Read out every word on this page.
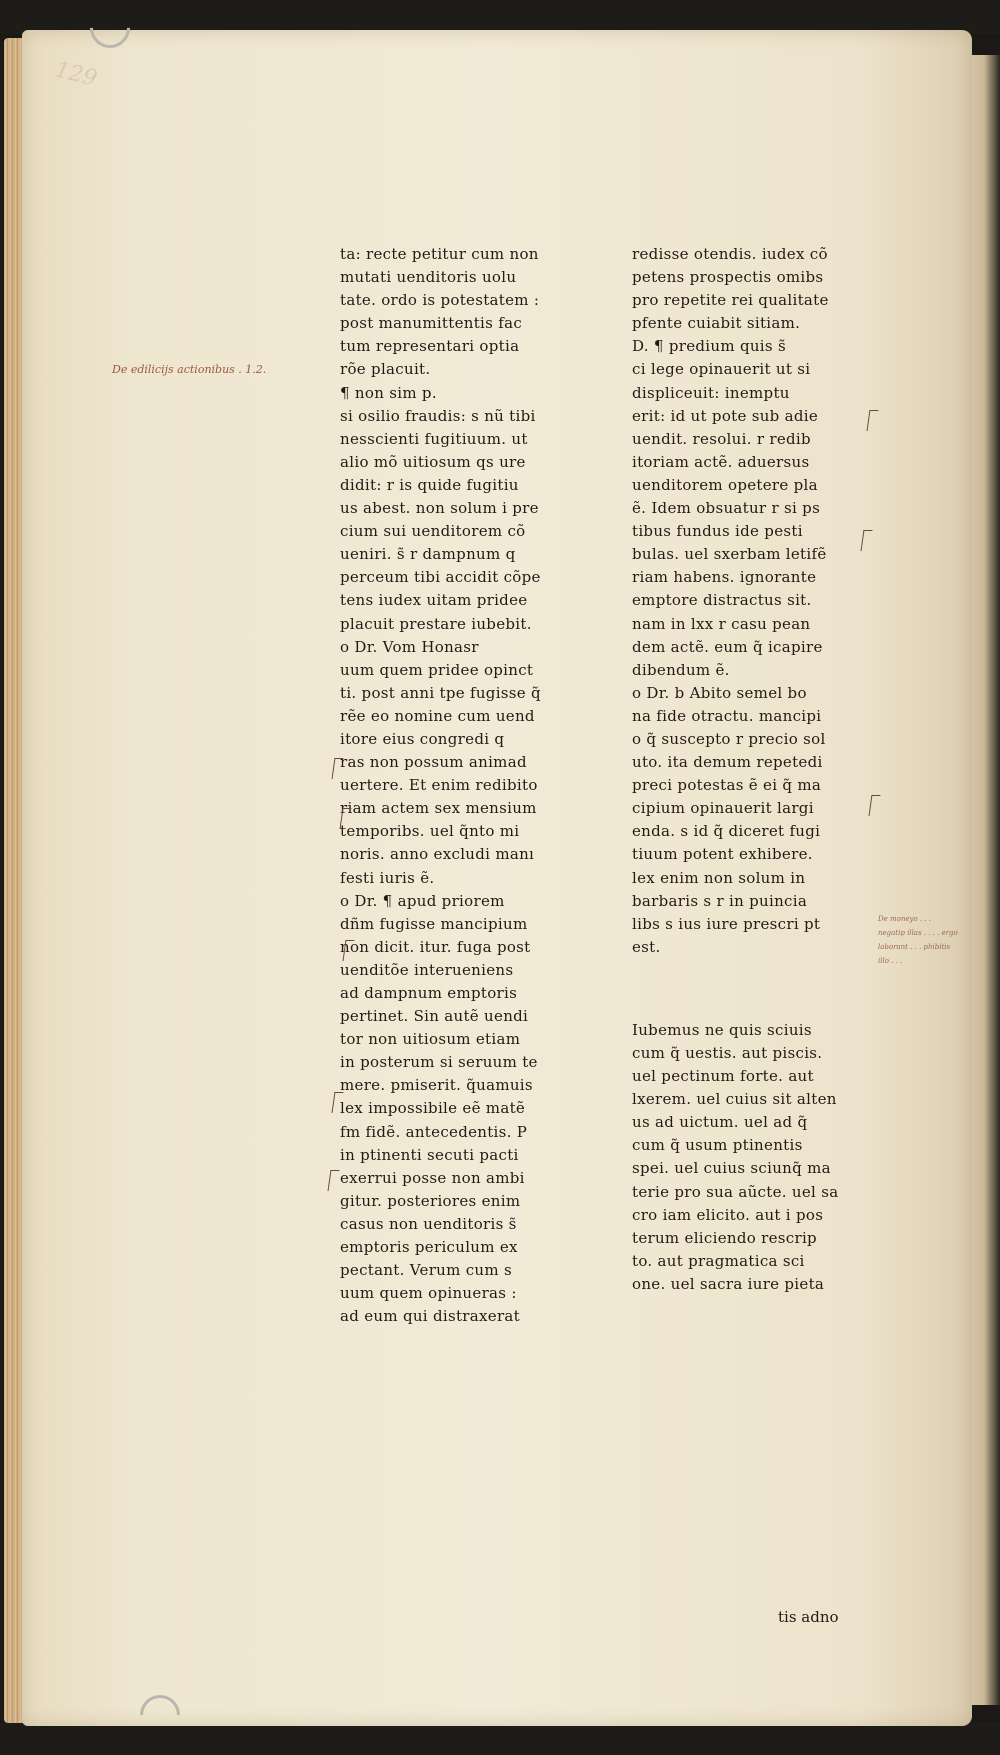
129
De edilicijs actionibus . 1.2.
De moneyo . . . negatip illas . . . . ergo laborant . . . phibitis illo . . .
ta: recte petitur cum non
mutati uenditoris uolu
tate. ordo is potestatem :
post manumittentis fac
tum representari optia
rõe placuit.
¶ non sim p.
si osilio fraudis: s nũ tibi
nesscienti fugitiuum. ut
alio mõ uitiosum qs ure
didit: r is quide fugitiu
us abest. non solum i pre
cium sui uenditorem cõ
ueniri. s̃ r dampnum q
perceum tibi accidit cõpe
tens iudex uitam pridee
placuit prestare iubebit.
o Dr. Vom Honasr
uum quem pridee opinct
ti. post anni tpe fugisse q̃
rẽe eo nomine cum uend
itore eius congredi q
ras non possum animad
uertere. Et enim redibito
riam actem sex mensium
temporibs. uel q̃nto mi
noris. anno excludi manı
festi iuris ẽ.
o Dr. ¶ apud priorem
dñm fugisse mancipium
non dicit. itur. fuga post
uenditõe interueniens
ad dampnum emptoris
pertinet. Sin autẽ uendi
tor non uitiosum etiam
in posterum si seruum te
mere. pmiserit. q̃uamuis
lex impossibile eẽ matẽ
fm fidẽ. antecedentis. P
in ptinenti secuti pacti
exerrui posse non ambi
gitur. posteriores enim
casus non uenditoris s̃
emptoris periculum ex
pectant. Verum cum s
uum quem opinueras :
ad eum qui distraxerat
redisse otendis. iudex cõ
petens prospectis omibs
pro repetite rei qualitate
pfente cuiabit sitiam.
D. ¶ predium quis s̃
ci lege opinauerit ut si
displiceuit: inemptu
erit: id ut pote sub adie
uendit. resolui. r redib
itoriam actẽ. aduersus
uenditorem opetere pla
ẽ. Idem obsuatur r si ps
tibus fundus ide pesti
bulas. uel sxerbam letifẽ
riam habens. ignorante
emptore distractus sit.
nam in lxx r casu pean
dem actẽ. eum q̃ icapire
dibendum ẽ.
o Dr. b Abito semel bo
na fide otractu. mancipi
o q̃ suscepto r precio sol
uto. ita demum repetedi
preci potestas ẽ ei q̃ ma
cipium opinauerit largi
enda. s id q̃ diceret fugi
tiuum potent exhibere.
lex enim non solum in
barbaris s r in puincia
libs s ius iure prescri pt
est.
Iubemus ne quis sciuis
cum q̃ uestis. aut piscis.
uel pectinum forte. aut
lxerem. uel cuius sit alten
us ad uictum. uel ad q̃
cum q̃ usum ptinentis
spei. uel cuius sciunq̃ ma
terie pro sua aũcte. uel sa
cro iam elicito. aut i pos
terum eliciendo rescrip
to. aut pragmatica sci
one. uel sacra iure pieta
tis adno
